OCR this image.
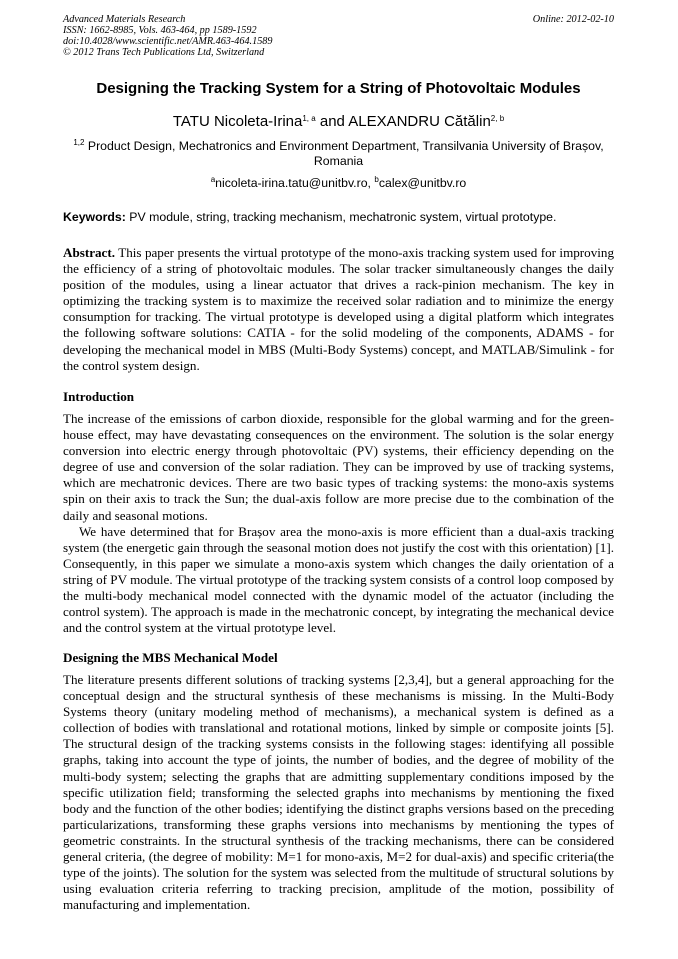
Advanced Materials Research
ISSN: 1662-8985, Vols. 463-464, pp 1589-1592
doi:10.4028/www.scientific.net/AMR.463-464.1589
© 2012 Trans Tech Publications Ltd, Switzerland
Online: 2012-02-10
Designing the Tracking System for a String of Photovoltaic Modules
TATU Nicoleta-Irina$^{1, a}$ and ALEXANDRU Cătălin$^{2, b}$
$^{1,2}$ Product Design, Mechatronics and Environment Department, Transilvania University of Brașov, Romania
$^a$nicoleta-irina.tatu@unitbv.ro, $^b$calex@unitbv.ro
Keywords: PV module, string, tracking mechanism, mechatronic system, virtual prototype.

Abstract. This paper presents the virtual prototype of the mono-axis tracking system used for improving the efficiency of a string of photovoltaic modules. The solar tracker simultaneously changes the daily position of the modules, using a linear actuator that drives a rack-pinion mechanism. The key in optimizing the tracking system is to maximize the received solar radiation and to minimize the energy consumption for tracking. The virtual prototype is developed using a digital platform which integrates the following software solutions: CATIA - for the solid modeling of the components, ADAMS - for developing the mechanical model in MBS (Multi-Body Systems) concept, and MATLAB/Simulink - for the control system design.

Introduction

The increase of the emissions of carbon dioxide, responsible for the global warming and for the green-house effect, may have devastating consequences on the environment. The solution is the solar energy conversion into electric energy through photovoltaic (PV) systems, their efficiency depending on the degree of use and conversion of the solar radiation. They can be improved by use of tracking systems, which are mechatronic devices. There are two basic types of tracking systems: the mono-axis systems spin on their axis to track the Sun; the dual-axis follow are more precise due to the combination of the daily and seasonal motions.

We have determined that for Brașov area the mono-axis is more efficient than a dual-axis tracking system (the energetic gain through the seasonal motion does not justify the cost with this orientation) [1]. Consequently, in this paper we simulate a mono-axis system which changes the daily orientation of a string of PV module. The virtual prototype of the tracking system consists of a control loop composed by the multi-body mechanical model connected with the dynamic model of the actuator (including the control system). The approach is made in the mechatronic concept, by integrating the mechanical device and the control system at the virtual prototype level.

Designing the MBS Mechanical Model

The literature presents different solutions of tracking systems [2,3,4], but a general approaching for the conceptual design and the structural synthesis of these mechanisms is missing. In the Multi-Body Systems theory (unitary modeling method of mechanisms), a mechanical system is defined as a collection of bodies with translational and rotational motions, linked by simple or composite joints [5]. The structural design of the tracking systems consists in the following stages: identifying all possible graphs, taking into account the type of joints, the number of bodies, and the degree of mobility of the multi-body system; selecting the graphs that are admitting supplementary conditions imposed by the specific utilization field; transforming the selected graphs into mechanisms by mentioning the fixed body and the function of the other bodies; identifying the distinct graphs versions based on the preceding particularizations, transforming these graphs versions into mechanisms by mentioning the types of geometric constraints. In the structural synthesis of the tracking mechanisms, there can be considered general criteria, (the degree of mobility: M=1 for mono-axis, M=2 for dual-axis) and specific criteria(the type of the joints). The solution for the system was selected from the multitude of structural solutions by using evaluation criteria referring to tracking precision, amplitude of the motion, possibility of manufacturing and implementation.
